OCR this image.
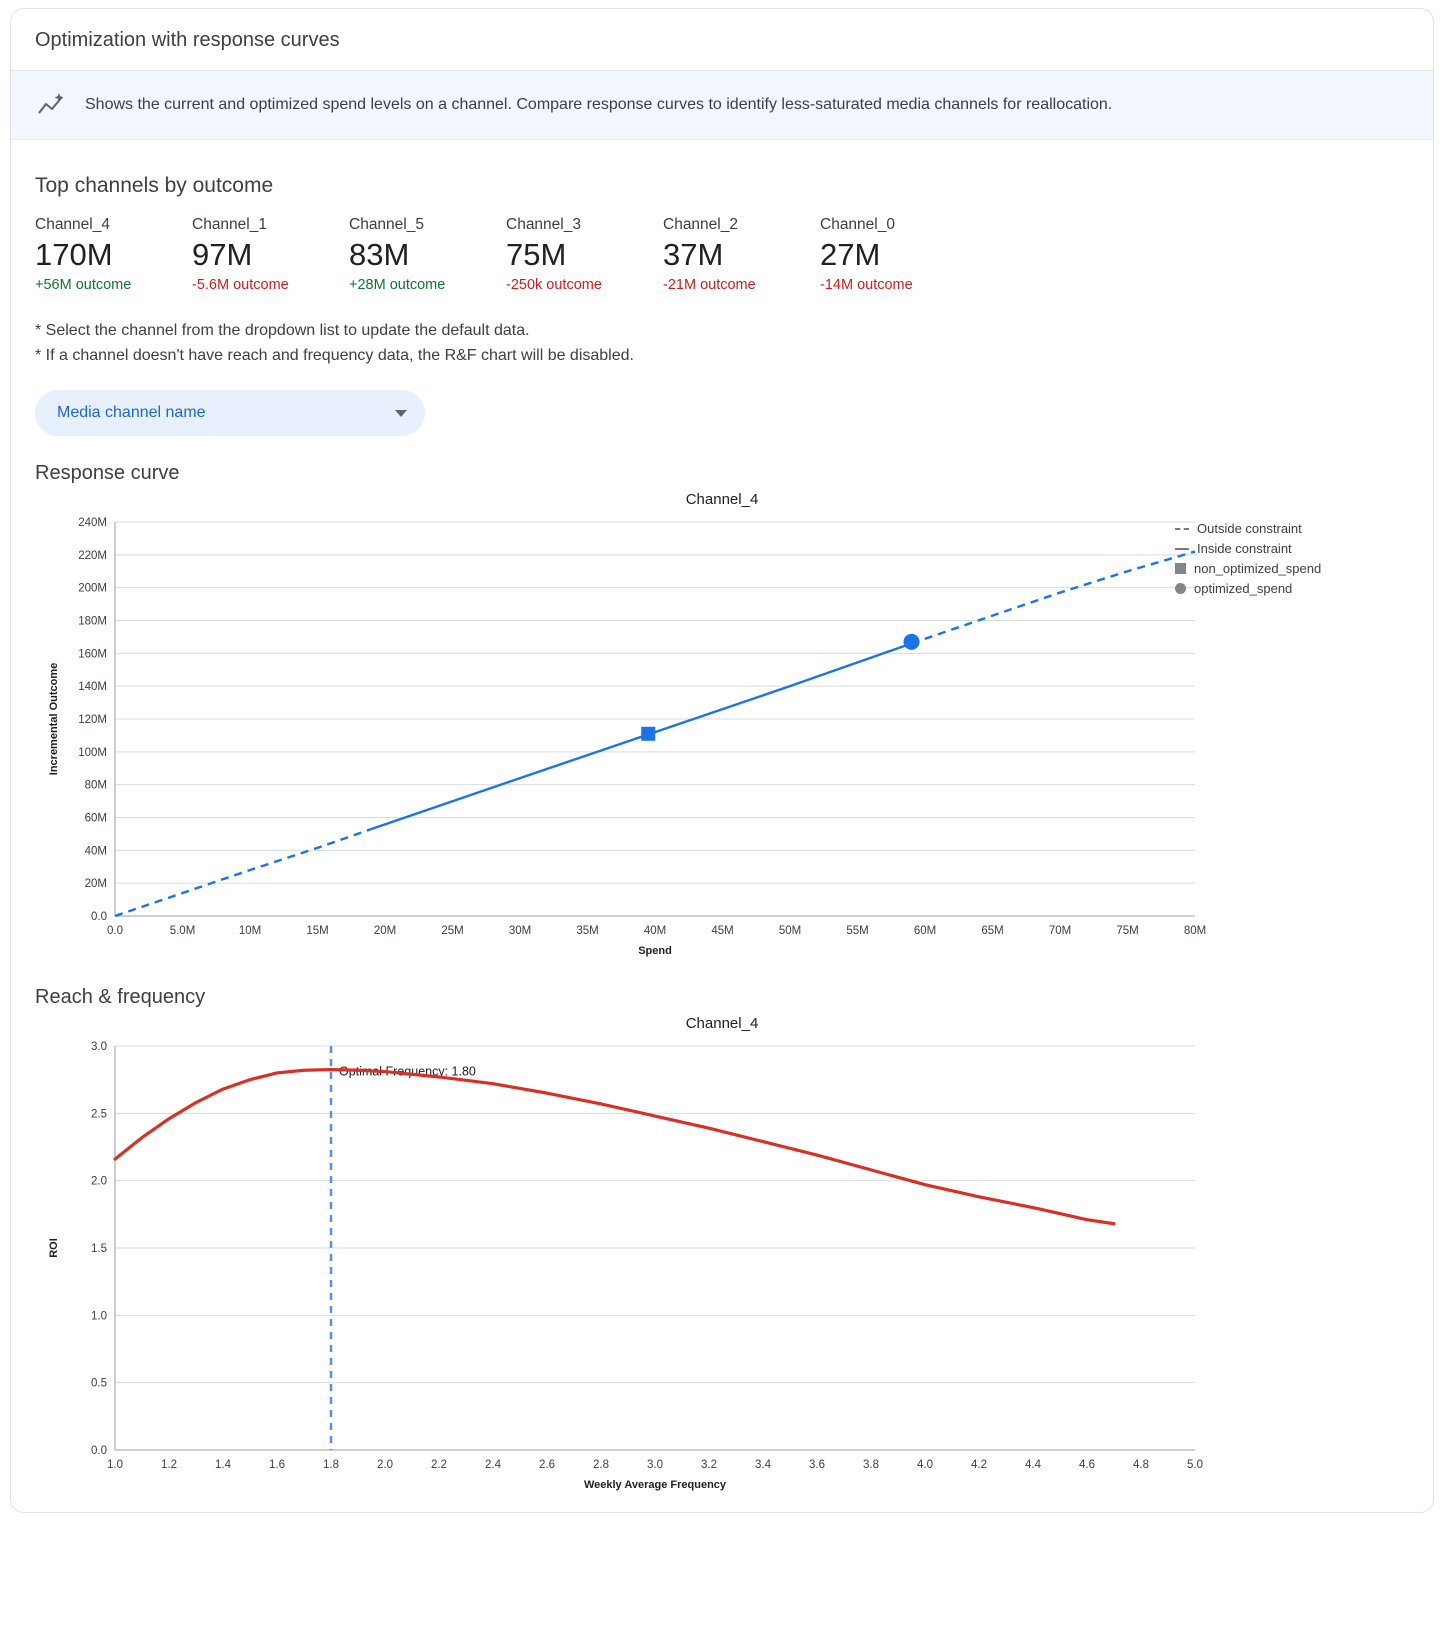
Optimization with response curves
Shows the current and optimized spend levels on a channel. Compare response curves to identify less-saturated media channels for reallocation.
Top channels by outcome
Channel_4
170M
+56M outcome
Channel_1
97M
-5.6M outcome
Channel_5
83M
+28M outcome
Channel_3
75M
-250k outcome
Channel_2
37M
-21M outcome
Channel_0
27M
-14M outcome
* Select the channel from the dropdown list to update the default data.
* If a channel doesn't have reach and frequency data, the R&F chart will be disabled.
Media channel name
Response curve
Channel_4
Outside constraint
Inside constraint
non_optimized_spend
optimized_spend
0.0
20M
40M
60M
80M
100M
120M
140M
160M
180M
200M
220M
240M
0.0	5.0M	10M	15M	20M	25M	30M	35M	40M	45M	50M	55M	60M	65M	70M	75M	80M
Spend
Incremental Outcome
Reach & frequency
Channel_4
0.0
0.5
1.0
1.5
2.0
2.5
3.0
1.0	1.2	1.4	1.6	1.8	2.0	2.2	2.4	2.6	2.8	3.0	3.2	3.4	3.6	3.8	4.0	4.2	4.4	4.6	4.8	5.0
Weekly Average Frequency
ROI
Optimal Frequency: 1.80
